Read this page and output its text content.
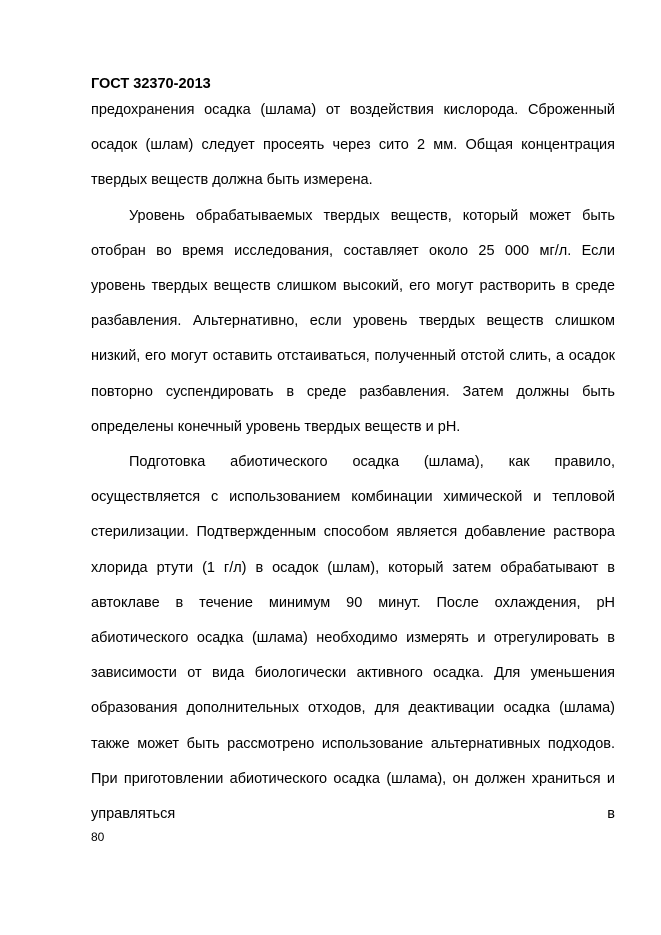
ГОСТ 32370-2013

предохранения осадка (шлама) от воздействия кислорода. Сброженный осадок (шлам) следует просеять через сито 2 мм. Общая концентрация твердых веществ должна быть измерена.

Уровень обрабатываемых твердых веществ, который может быть отобран во время исследования, составляет около 25 000 мг/л. Если уровень твердых веществ слишком высокий, его могут растворить в среде разбавления. Альтернативно, если уровень твердых веществ слишком низкий, его могут оставить отстаиваться, полученный отстой слить, а осадок повторно суспендировать в среде разбавления. Затем должны быть определены конечный уровень твердых веществ и pH.

Подготовка абиотического осадка (шлама), как правило, осуществляется с использованием комбинации химической и тепловой стерилизации. Подтвержденным способом является добавление раствора хлорида ртути (1 г/л) в осадок (шлам), который затем обрабатывают в автоклаве в течение минимум 90 минут. После охлаждения, pH абиотического осадка (шлама) необходимо измерять и отрегулировать в зависимости от вида биологически активного осадка. Для уменьшения образования дополнительных отходов, для деактивации осадка (шлама) также может быть рассмотрено использование альтернативных подходов. При приготовлении абиотического осадка (шлама), он должен храниться и управляться в

80
